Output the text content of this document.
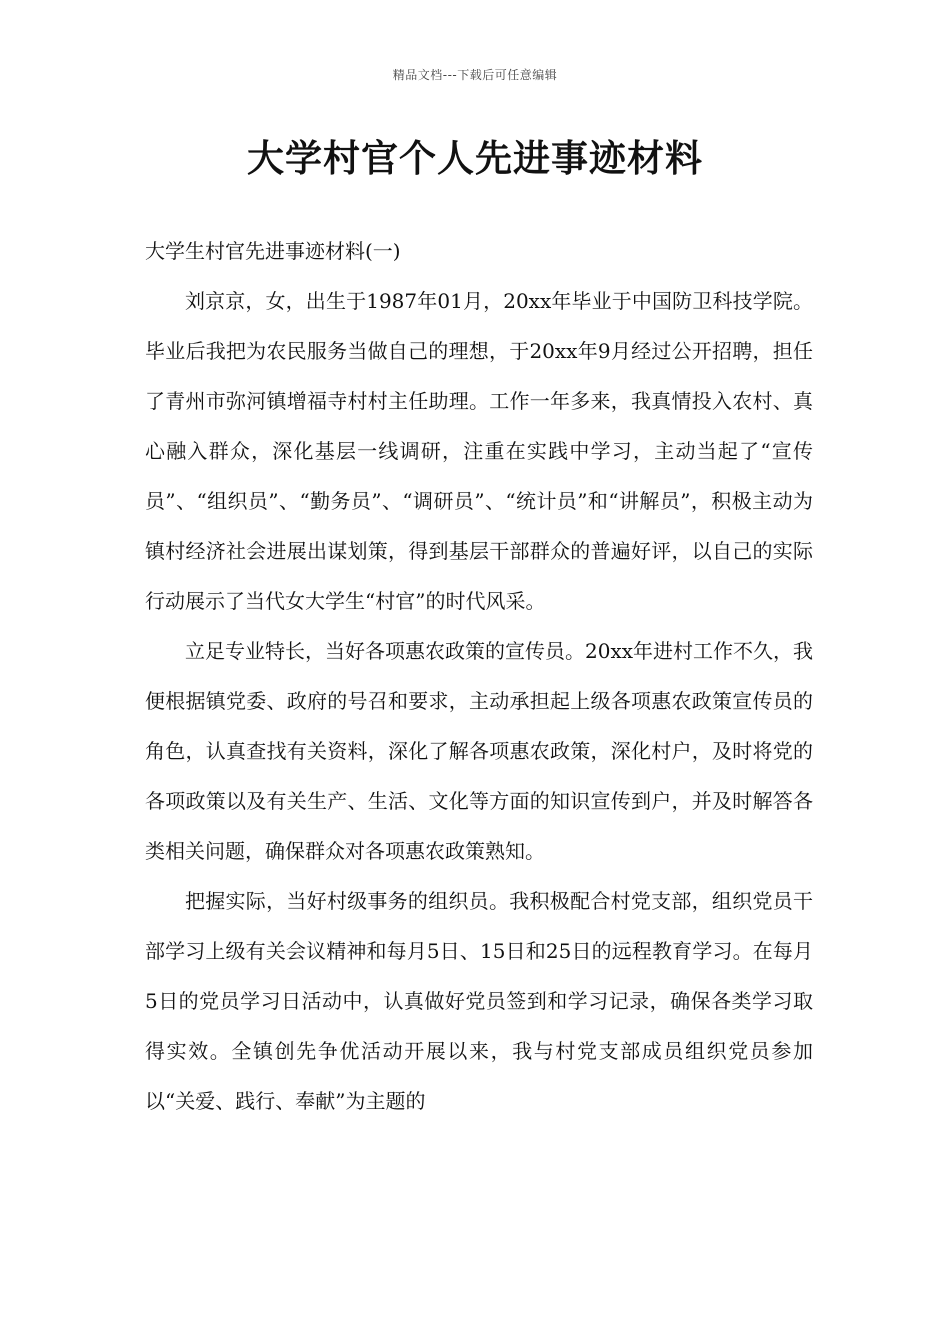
精品文档---下载后可任意编辑
大学村官个人先进事迹材料
大学生村官先进事迹材料(一)

刘京京，女，出生于1987年01月，20xx年毕业于中国防卫科技学院。毕业后我把为农民服务当做自己的理想，于20xx年9月经过公开招聘，担任了青州市弥河镇增福寺村村主任助理。工作一年多来，我真情投入农村、真心融入群众，深化基层一线调研，注重在实践中学习，主动当起了“宣传员”、“组织员”、“勤务员”、“调研员”、“统计员”和“讲解员”，积极主动为镇村经济社会进展出谋划策，得到基层干部群众的普遍好评，以自己的实际行动展示了当代女大学生“村官”的时代风采。

立足专业特长，当好各项惠农政策的宣传员。20xx年进村工作不久，我便根据镇党委、政府的号召和要求，主动承担起上级各项惠农政策宣传员的角色，认真查找有关资料，深化了解各项惠农政策，深化村户，及时将党的各项政策以及有关生产、生活、文化等方面的知识宣传到户，并及时解答各类相关问题，确保群众对各项惠农政策熟知。

把握实际，当好村级事务的组织员。我积极配合村党支部，组织党员干部学习上级有关会议精神和每月5日、15日和25日的远程教育学习。在每月5日的党员学习日活动中，认真做好党员签到和学习记录，确保各类学习取得实效。全镇创先争优活动开展以来，我与村党支部成员组织党员参加以“关爱、践行、奉献”为主题的
